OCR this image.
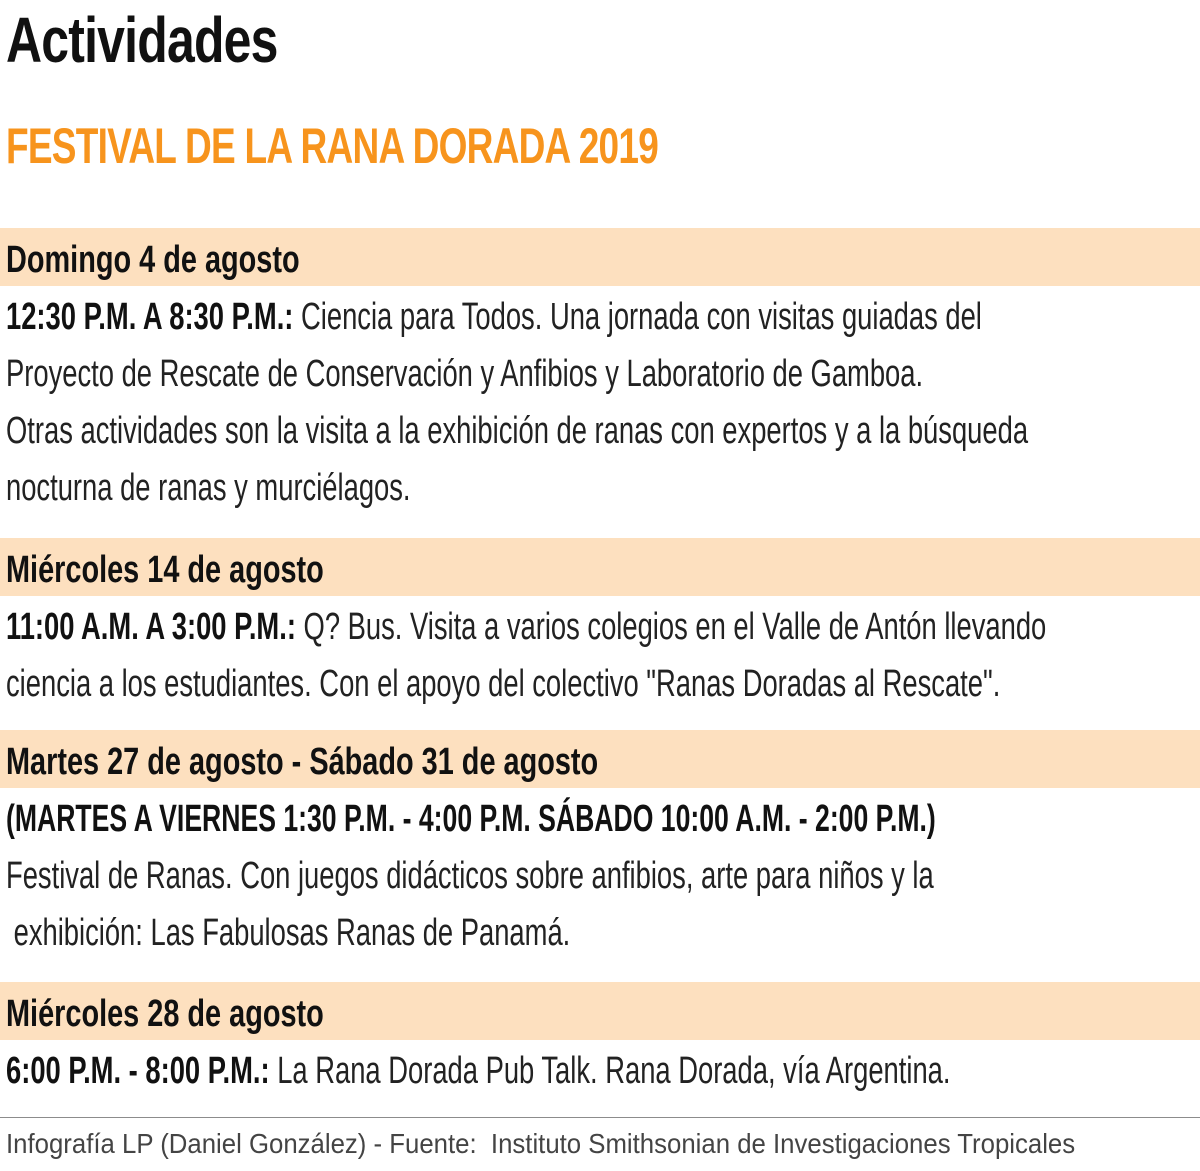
Actividades
FESTIVAL DE LA RANA DORADA 2019
Domingo 4 de agosto
12:30 P.M. A 8:30 P.M.: Ciencia para Todos. Una jornada con visitas guiadas del
Proyecto de Rescate de Conservación y Anfibios y Laboratorio de Gamboa.
Otras actividades son la visita a la exhibición de ranas con expertos y a la búsqueda
nocturna de ranas y murciélagos.
Miércoles 14 de agosto
11:00 A.M. A 3:00 P.M.: Q? Bus. Visita a varios colegios en el Valle de Antón llevando
ciencia a los estudiantes. Con el apoyo del colectivo "Ranas Doradas al Rescate".
Martes 27 de agosto - Sábado 31 de agosto
(MARTES A VIERNES 1:30 P.M. - 4:00 P.M. SÁBADO 10:00 A.M. - 2:00 P.M.)
Festival de Ranas. Con juegos didácticos sobre anfibios, arte para niños y la
exhibición: Las Fabulosas Ranas de Panamá.
Miércoles 28 de agosto
6:00 P.M. - 8:00 P.M.: La Rana Dorada Pub Talk. Rana Dorada, vía Argentina.
Infografía LP (Daniel González) - Fuente:  Instituto Smithsonian de Investigaciones Tropicales
